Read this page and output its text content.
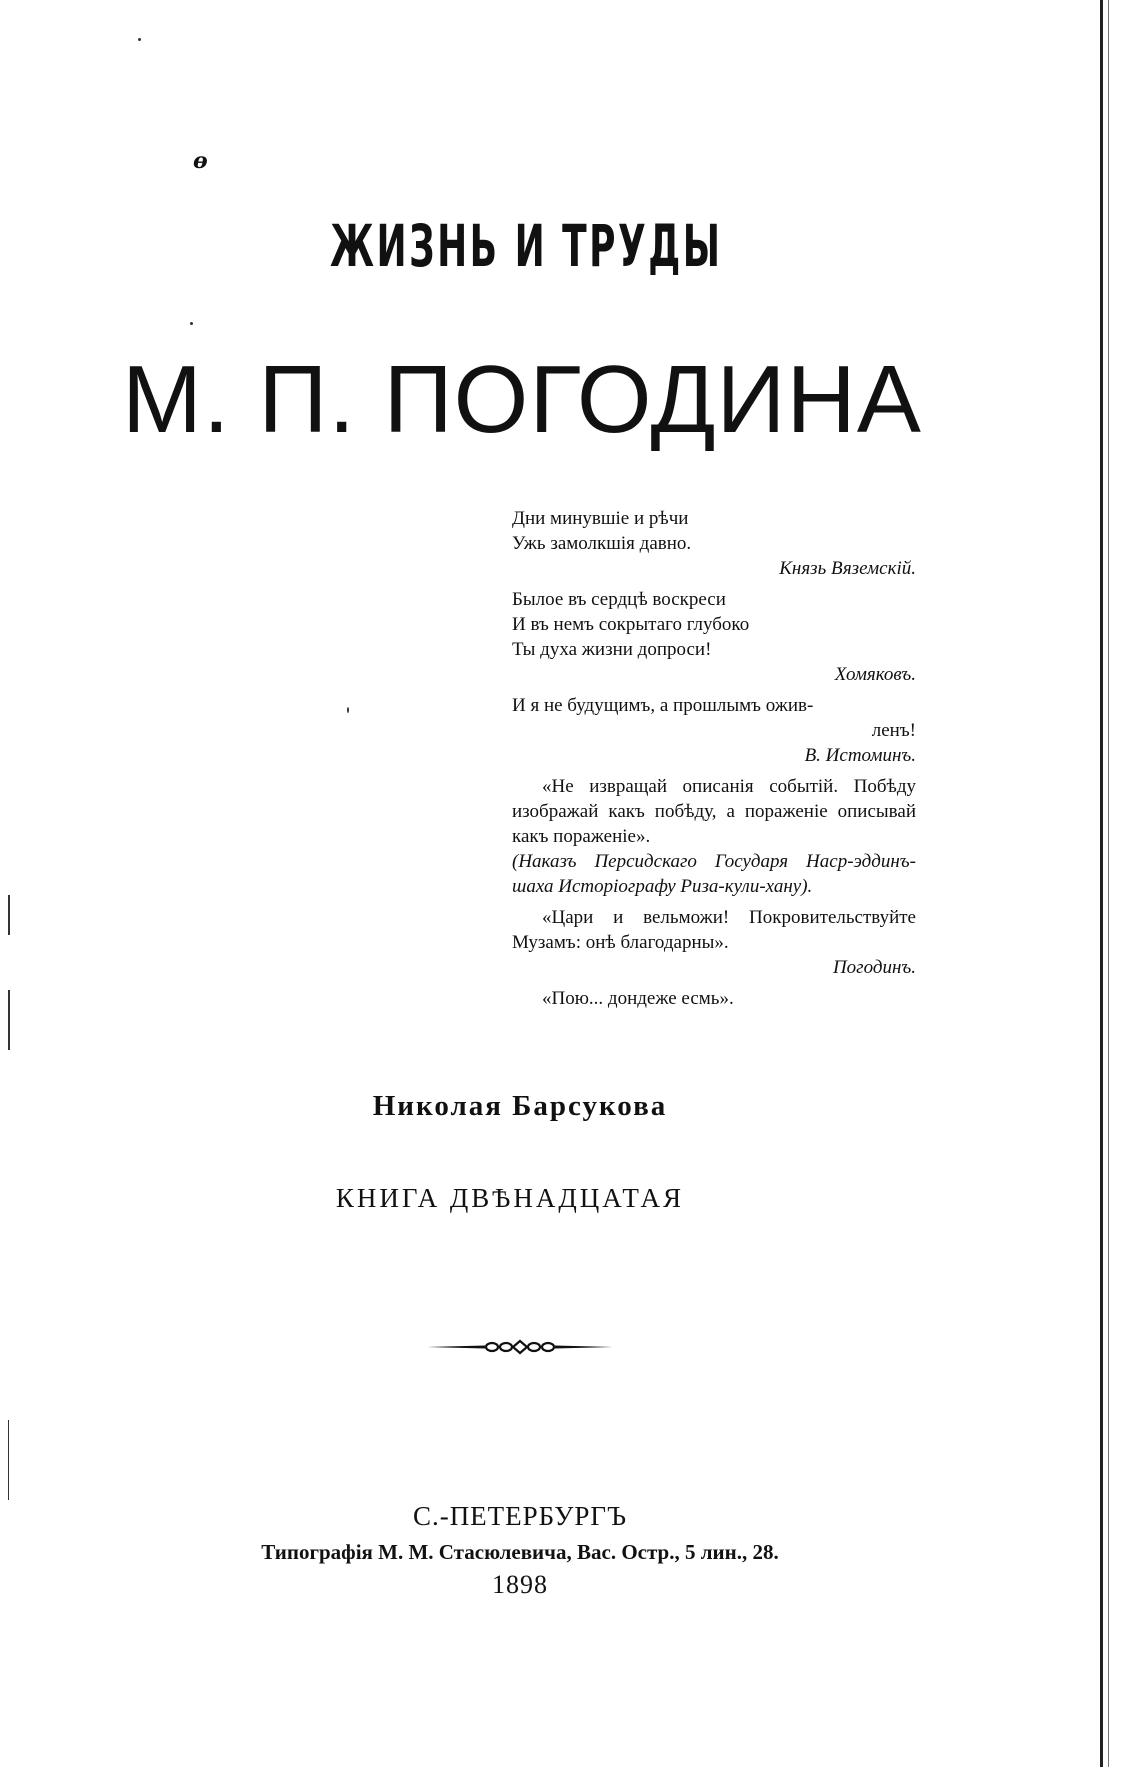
ɵ
ЖИЗНЬ И ТРУДЫ
М. П. ПОГОДИНА
Дни минувшіе и рѣчи
Ужь замолкшія давно.
Князь Вяземскій.
Былое въ сердцѣ воскреси
И въ немъ сокрытаго глубоко
Ты духа жизни допроси!
Хомяковъ.
И я не будущимъ, а прошлымъ ожив-
ленъ!
В. Истоминъ.
«Не извращай описанія событій. Побѣду изображай какъ побѣду, а пораженіе описывай какъ пораженіе».
(Наказъ Персидскаго Государя Наср-эддинъ-шаха Исторіографу Риза-кули-хану).
«Цари и вельможи! Покровительствуйте Музамъ: онѣ благодарны».
Погодинъ.
«Пою... дондеже есмь».
Николая Барсукова
КНИГА ДВѢНАДЦАТАЯ
С.-ПЕТЕРБУРГЪ
Типографія М. М. Стасюлевича, Вас. Остр., 5 лин., 28.
1898
